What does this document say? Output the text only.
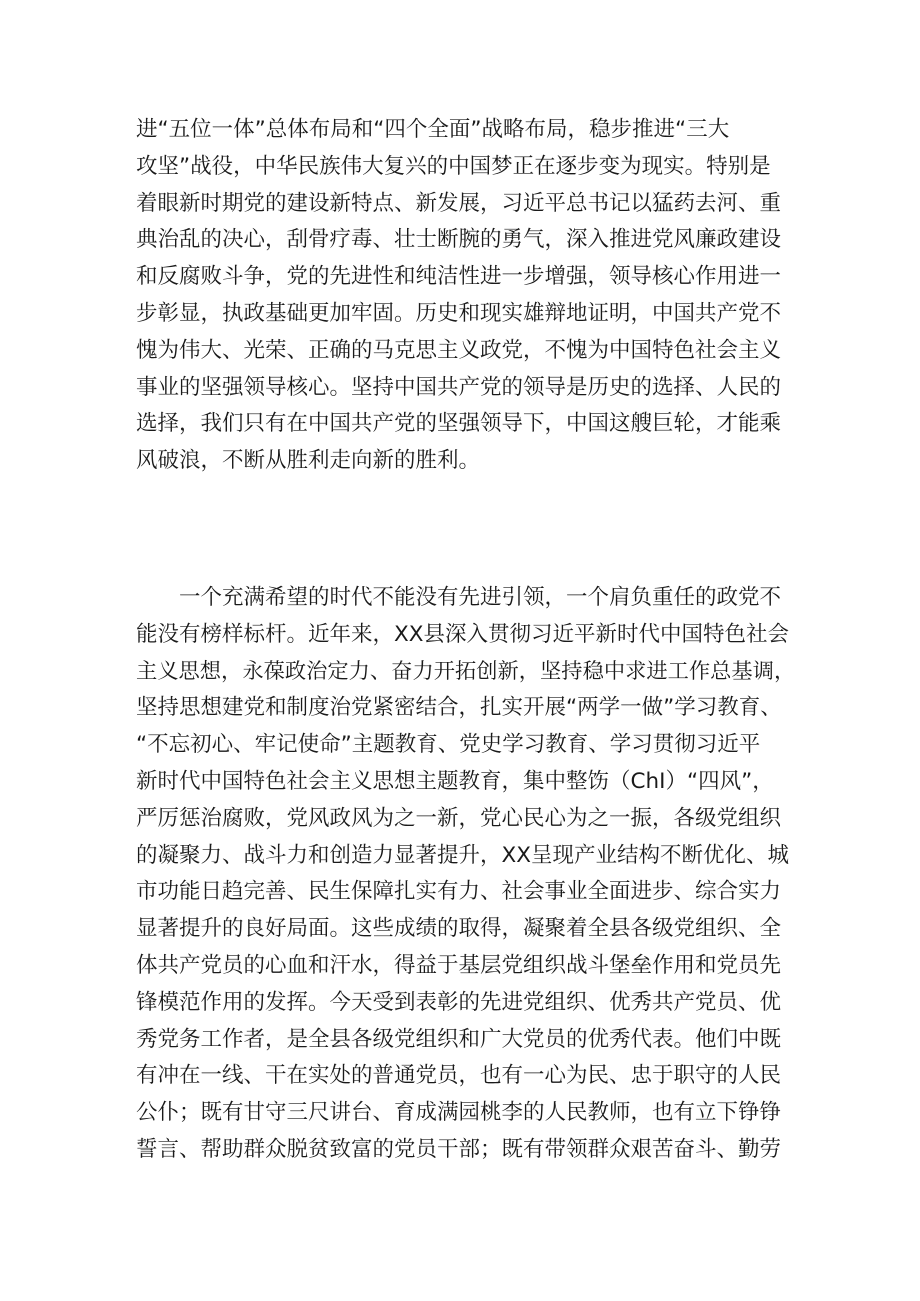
进“五位一体”总体布局和“四个全面”战略布局，稳步推进“三大
攻坚”战役，中华民族伟大复兴的中国梦正在逐步变为现实。特别是
着眼新时期党的建设新特点、新发展，习近平总书记以猛药去河、重
典治乱的决心，刮骨疗毒、壮士断腕的勇气，深入推进党风廉政建设
和反腐败斗争，党的先进性和纯洁性进一步增强，领导核心作用进一
步彰显，执政基础更加牢固。历史和现实雄辩地证明，中国共产党不
愧为伟大、光荣、正确的马克思主义政党，不愧为中国特色社会主义
事业的坚强领导核心。坚持中国共产党的领导是历史的选择、人民的
选择，我们只有在中国共产党的坚强领导下，中国这艘巨轮，才能乘
风破浪，不断从胜利走向新的胜利。
　　一个充满希望的时代不能没有先进引领，一个肩负重任的政党不
能没有榜样标杆。近年来，XX县深入贯彻习近平新时代中国特色社会
主义思想，永葆政治定力、奋力开拓创新，坚持稳中求进工作总基调，
坚持思想建党和制度治党紧密结合，扎实开展“两学一做”学习教育、
“不忘初心、牢记使命”主题教育、党史学习教育、学习贯彻习近平
新时代中国特色社会主义思想主题教育，集中整饬（ChI）“四风”，
严厉惩治腐败，党风政风为之一新，党心民心为之一振，各级党组织
的凝聚力、战斗力和创造力显著提升，XX呈现产业结构不断优化、城
市功能日趋完善、民生保障扎实有力、社会事业全面进步、综合实力
显著提升的良好局面。这些成绩的取得，凝聚着全县各级党组织、全
体共产党员的心血和汗水，得益于基层党组织战斗堡垒作用和党员先
锋模范作用的发挥。今天受到表彰的先进党组织、优秀共产党员、优
秀党务工作者，是全县各级党组织和广大党员的优秀代表。他们中既
有冲在一线、干在实处的普通党员，也有一心为民、忠于职守的人民
公仆；既有甘守三尺讲台、育成满园桃李的人民教师，也有立下铮铮
誓言、帮助群众脱贫致富的党员干部；既有带领群众艰苦奋斗、勤劳
